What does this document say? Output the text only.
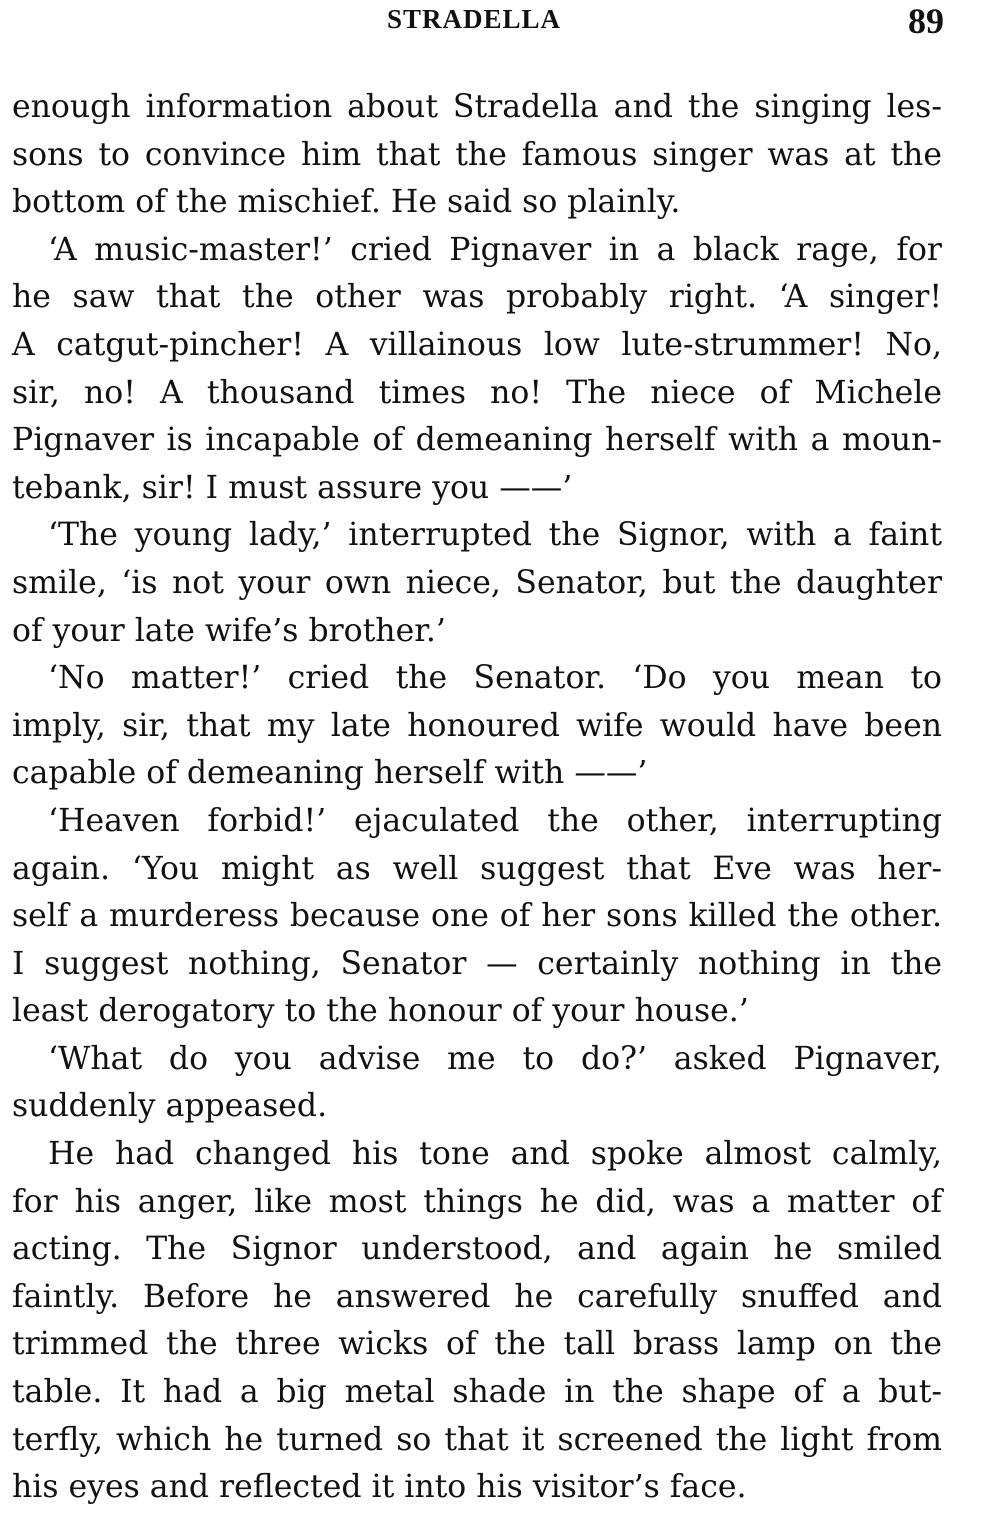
STRADELLA	89
enough information about Stradella and the singing les-
sons to convince him that the famous singer was at the
bottom of the mischief. He said so plainly.
‘A music-master!’ cried Pignaver in a black rage, for
he saw that the other was probably right. ‘A singer!
A catgut-pincher! A villainous low lute-strummer! No,
sir, no! A thousand times no! The niece of Michele
Pignaver is incapable of demeaning herself with a moun-
tebank, sir! I must assure you ——’
‘The young lady,’ interrupted the Signor, with a faint
smile, ‘is not your own niece, Senator, but the daughter
of your late wife’s brother.’
‘No matter!’ cried the Senator. ‘Do you mean to
imply, sir, that my late honoured wife would have been
capable of demeaning herself with ——’
‘Heaven forbid!’ ejaculated the other, interrupting
again. ‘You might as well suggest that Eve was her-
self a murderess because one of her sons killed the other.
I suggest nothing, Senator — certainly nothing in the
least derogatory to the honour of your house.’
‘What do you advise me to do?’ asked Pignaver,
suddenly appeased.
He had changed his tone and spoke almost calmly,
for his anger, like most things he did, was a matter of
acting. The Signor understood, and again he smiled
faintly. Before he answered he carefully snuffed and
trimmed the three wicks of the tall brass lamp on the
table. It had a big metal shade in the shape of a but-
terfly, which he turned so that it screened the light from
his eyes and reflected it into his visitor’s face.
